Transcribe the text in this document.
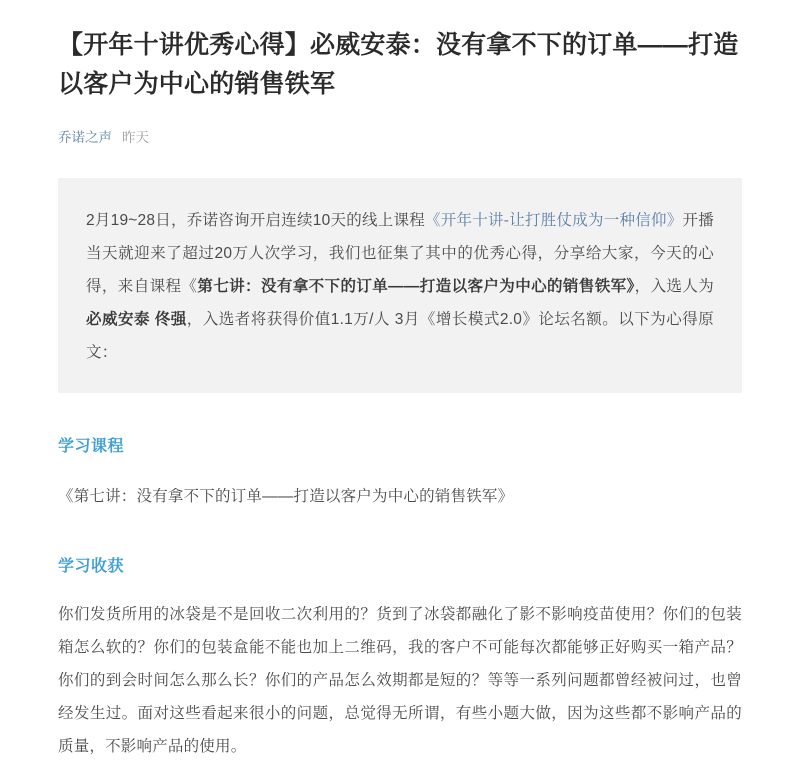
【开年十讲优秀心得】必威安泰：没有拿不下的订单——打造以客户为中心的销售铁军
乔诺之声 昨天
2月19~28日，乔诺咨询开启连续10天的线上课程《开年十讲-让打胜仗成为一种信仰》开播当天就迎来了超过20万人次学习，我们也征集了其中的优秀心得，分享给大家，今天的心得，来自课程《第七讲：没有拿不下的订单——打造以客户为中心的销售铁军》，入选人为必威安泰 佟强，入选者将获得价值1.1万/人 3月《增长模式2.0》论坛名额。以下为心得原文：
学习课程
《第七讲：没有拿不下的订单——打造以客户为中心的销售铁军》
学习收获
你们发货所用的冰袋是不是回收二次利用的？货到了冰袋都融化了影不影响疫苗使用？你们的包装箱怎么软的？你们的包装盒能不能也加上二维码，我的客户不可能每次都能够正好购买一箱产品？你们的到会时间怎么那么长？你们的产品怎么效期都是短的？等等一系列问题都曾经被问过，也曾经发生过。面对这些看起来很小的问题，总觉得无所谓，有些小题大做，因为这些都不影响产品的质量，不影响产品的使用。
